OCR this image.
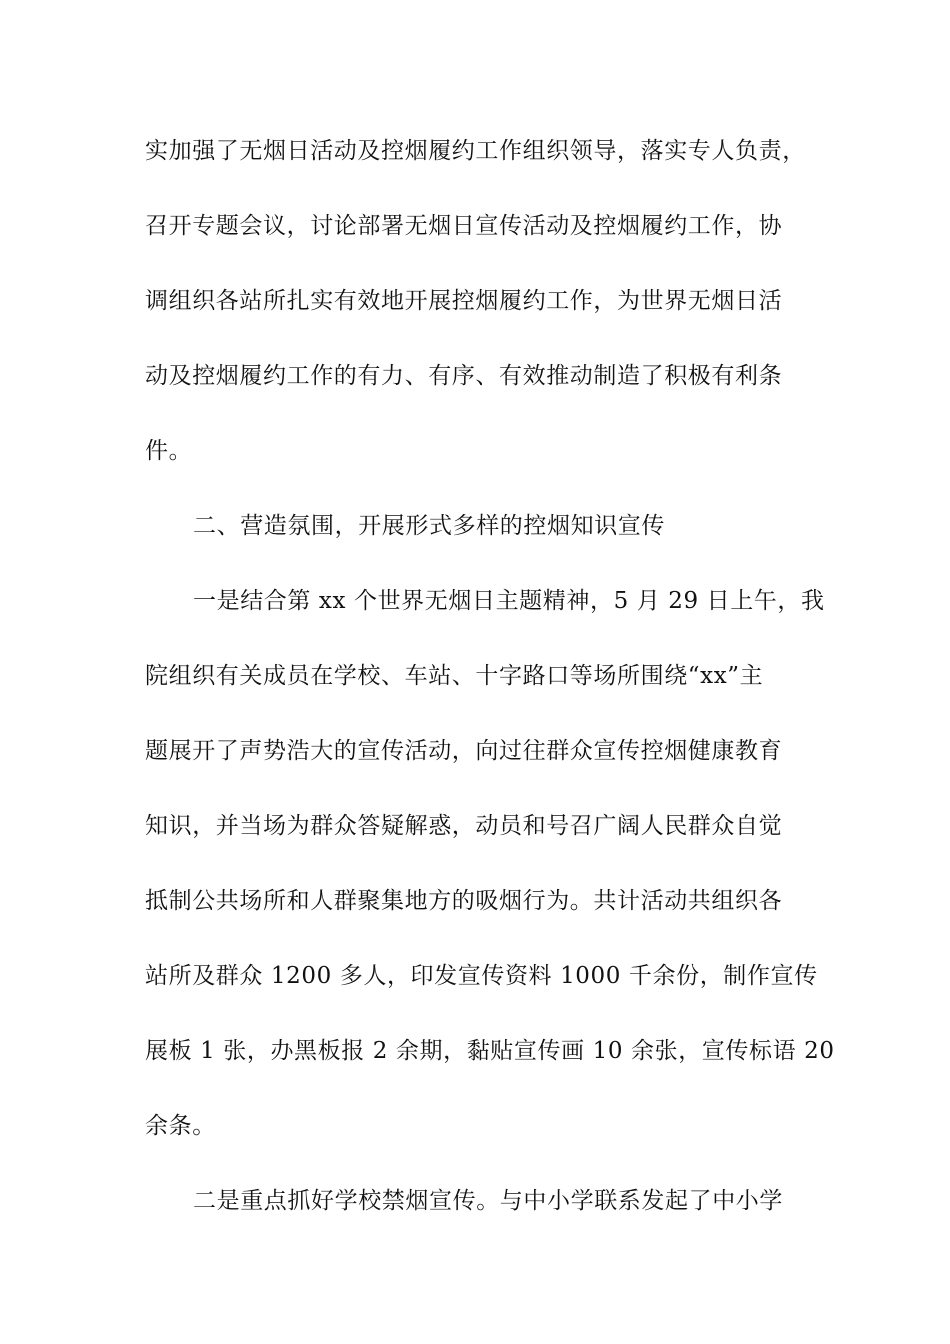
实加强了无烟日活动及控烟履约工作组织领导，落实专人负责，
召开专题会议，讨论部署无烟日宣传活动及控烟履约工作，协
调组织各站所扎实有效地开展控烟履约工作，为世界无烟日活
动及控烟履约工作的有力、有序、有效推动制造了积极有利条
件。
二、营造氛围，开展形式多样的控烟知识宣传
一是结合第 xx 个世界无烟日主题精神，5 月 29 日上午，我
院组织有关成员在学校、车站、十字路口等场所围绕“xx”主
题展开了声势浩大的宣传活动，向过往群众宣传控烟健康教育
知识，并当场为群众答疑解惑，动员和号召广阔人民群众自觉
抵制公共场所和人群聚集地方的吸烟行为。共计活动共组织各
站所及群众 1200 多人，印发宣传资料 1000 千余份，制作宣传
展板 1 张，办黑板报 2 余期，黏贴宣传画 10 余张，宣传标语 20
余条。
二是重点抓好学校禁烟宣传。与中小学联系发起了中小学
